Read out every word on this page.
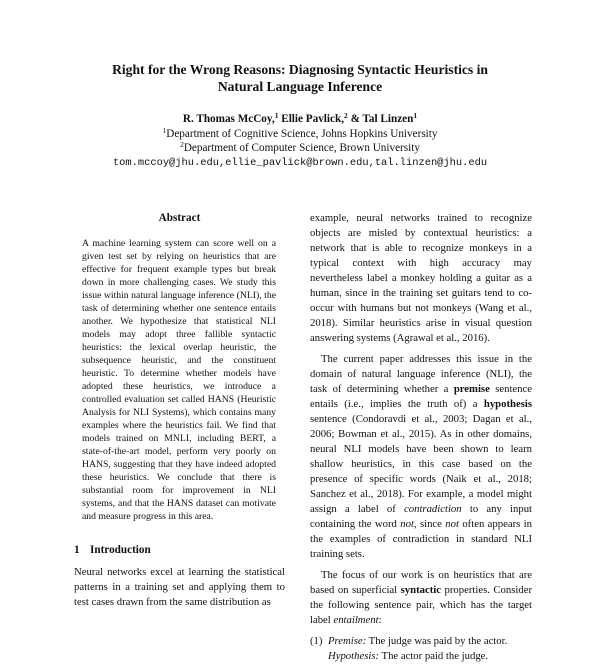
Right for the Wrong Reasons: Diagnosing Syntactic Heuristics in
Natural Language Inference
R. Thomas McCoy,$^1$ Ellie Pavlick,$^2$ & Tal Linzen$^1$
$^1$Department of Cognitive Science, Johns Hopkins University
$^2$Department of Computer Science, Brown University
tom.mccoy@jhu.edu,ellie_pavlick@brown.edu,tal.linzen@jhu.edu
Abstract
A machine learning system can score well on a given test set by relying on heuristics that are effective for frequent example types but break down in more challenging cases. We study this issue within natural language inference (NLI), the task of determining whether one sentence entails another. We hypothesize that statistical NLI models may adopt three fallible syntactic heuristics: the lexical overlap heuristic, the subsequence heuristic, and the constituent heuristic. To determine whether models have adopted these heuristics, we introduce a controlled evaluation set called HANS (Heuristic Analysis for NLI Systems), which contains many examples where the heuristics fail. We find that models trained on MNLI, including BERT, a state-of-the-art model, perform very poorly on HANS, suggesting that they have indeed adopted these heuristics. We conclude that there is substantial room for improvement in NLI systems, and that the HANS dataset can motivate and measure progress in this area.
1 Introduction

Neural networks excel at learning the statistical patterns in a training set and applying them to test cases drawn from the same distribution as

example, neural networks trained to recognize objects are misled by contextual heuristics: a network that is able to recognize monkeys in a typical context with high accuracy may nevertheless label a monkey holding a guitar as a human, since in the training set guitars tend to co-occur with humans but not monkeys (Wang et al., 2018). Similar heuristics arise in visual question answering systems (Agrawal et al., 2016).

The current paper addresses this issue in the domain of natural language inference (NLI), the task of determining whether a premise sentence entails (i.e., implies the truth of) a hypothesis sentence (Condoravdi et al., 2003; Dagan et al., 2006; Bowman et al., 2015). As in other domains, neural NLI models have been shown to learn shallow heuristics, in this case based on the presence of specific words (Naik et al., 2018; Sanchez et al., 2018). For example, a model might assign a label of contradiction to any input containing the word not, since not often appears in the examples of contradiction in standard NLI training sets.

The focus of our work is on heuristics that are based on superficial syntactic properties. Consider the following sentence pair, which has the target label entailment:

(1) Premise: The judge was paid by the actor.
Hypothesis: The actor paid the judge.
